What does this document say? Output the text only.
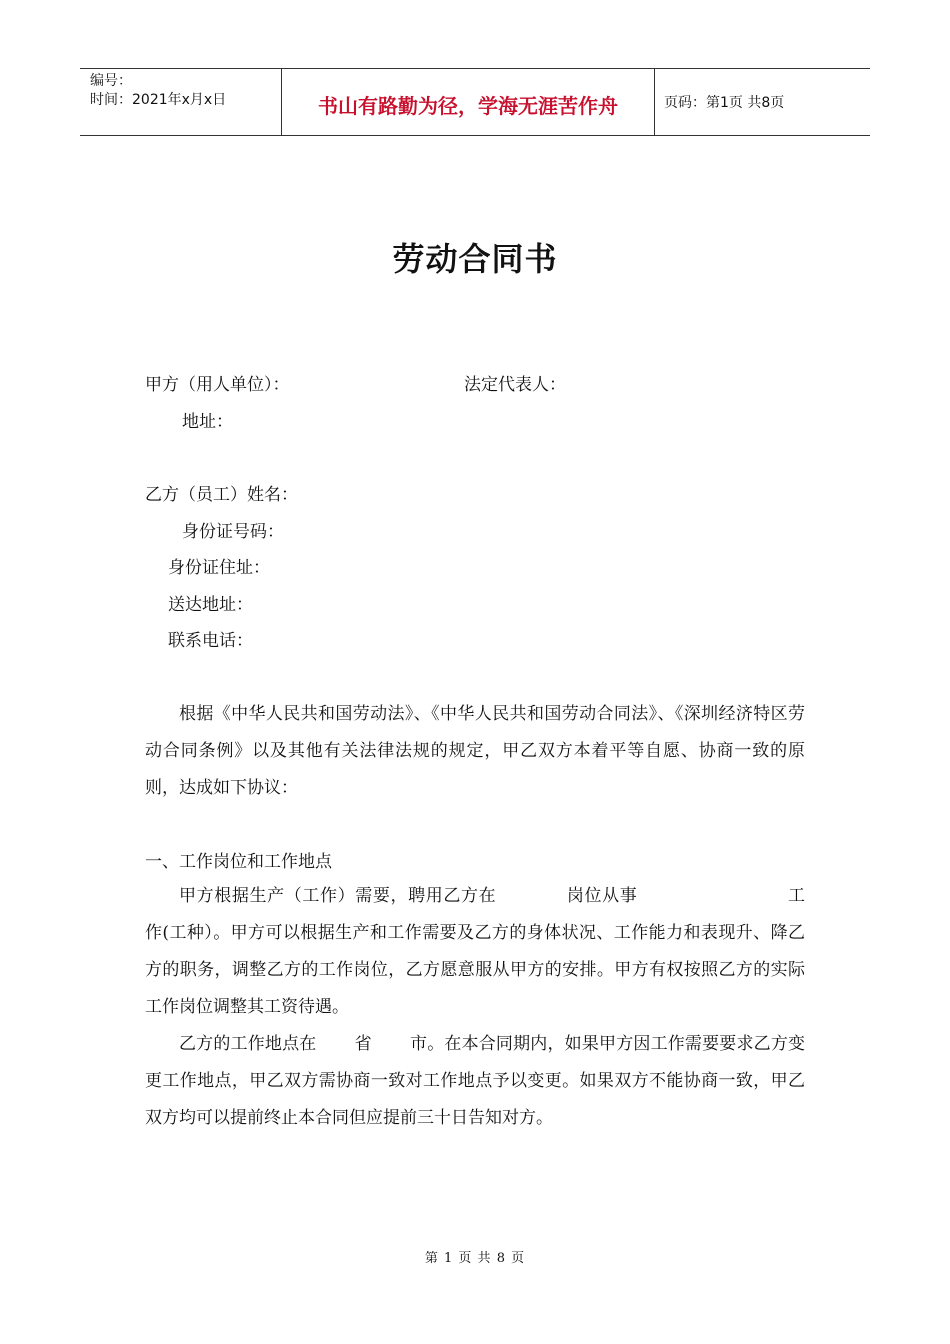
编号：
时间：2021年x月x日	书山有路勤为径，学海无涯苦作舟	页码：第1页 共8页
劳动合同书
甲方（用人单位）：	法定代表人：
地址：
乙方（员工）姓名：
身份证号码：
身份证住址：
送达地址：
联系电话：

根据《中华人民共和国劳动法》、《中华人民共和国劳动合同法》、《深圳经济特区劳动合同条例》以及其他有关法律法规的规定，甲乙双方本着平等自愿、协商一致的原则，达成如下协议：

一、工作岗位和工作地点

甲方根据生产（工作）需要，聘用乙方在	岗位从事	工作(工种）。甲方可以根据生产和工作需要及乙方的身体状况、工作能力和表现升、降乙方的职务，调整乙方的工作岗位，乙方愿意服从甲方的安排。甲方有权按照乙方的实际工作岗位调整其工资待遇。

乙方的工作地点在 省 市。在本合同期内，如果甲方因工作需要要求乙方变更工作地点，甲乙双方需协商一致对工作地点予以变更。如果双方不能协商一致，甲乙双方均可以提前终止本合同但应提前三十日告知对方。

第 1 页 共 8 页
